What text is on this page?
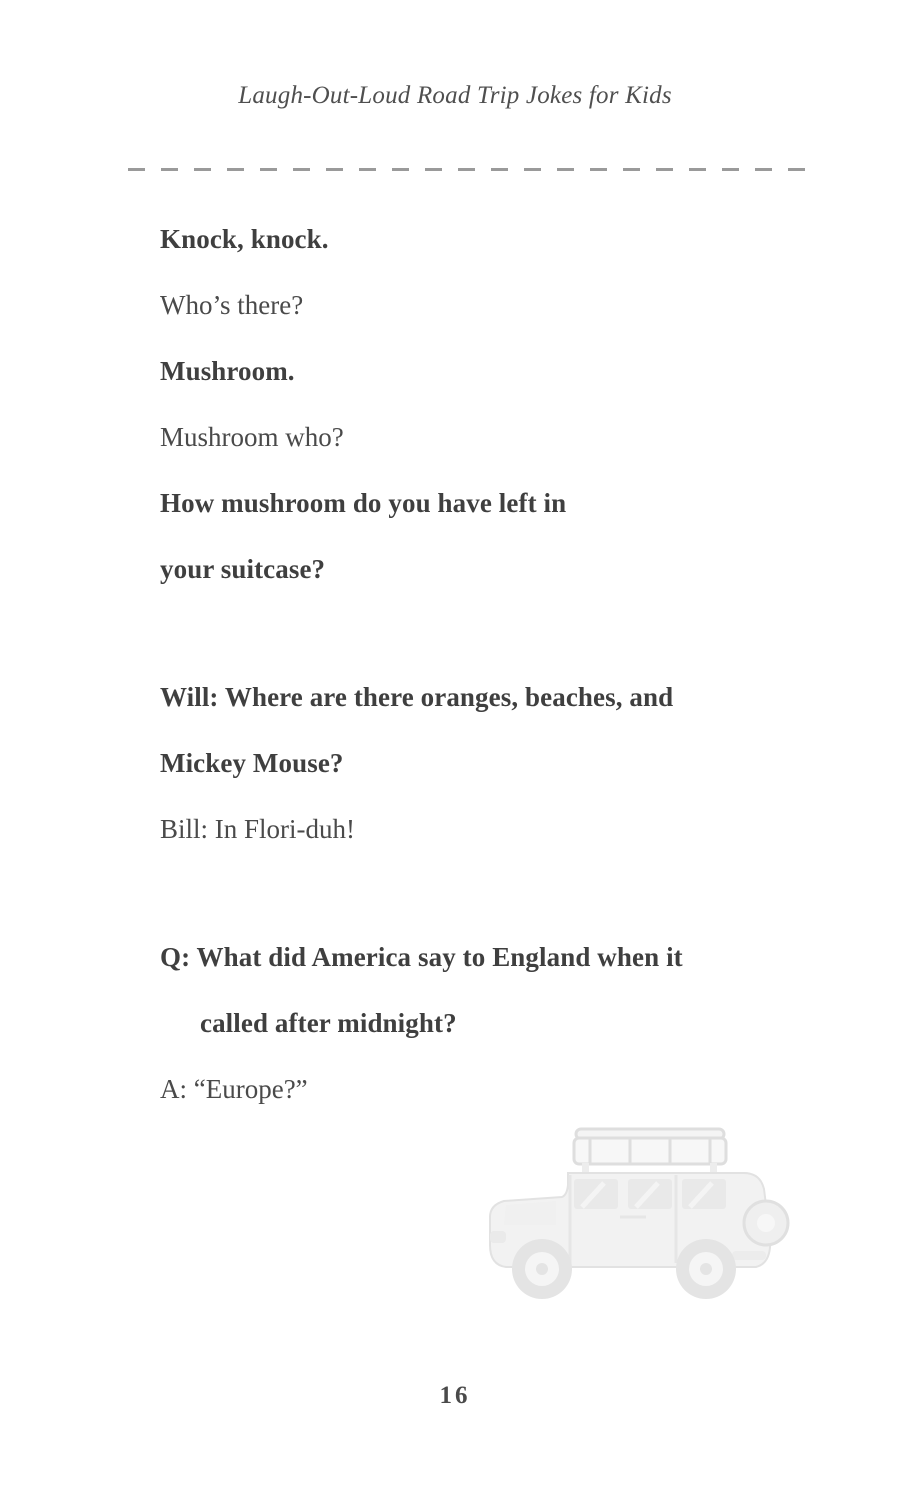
Laugh-Out-Loud Road Trip Jokes for Kids
Knock, knock.
Who’s there?
Mushroom.
Mushroom who?
How mushroom do you have left in
your suitcase?
Will: Where are there oranges, beaches, and
Mickey Mouse?
Bill: In Flori-duh!
Q: What did America say to England when it
called after midnight?
A: “Europe?”
16
